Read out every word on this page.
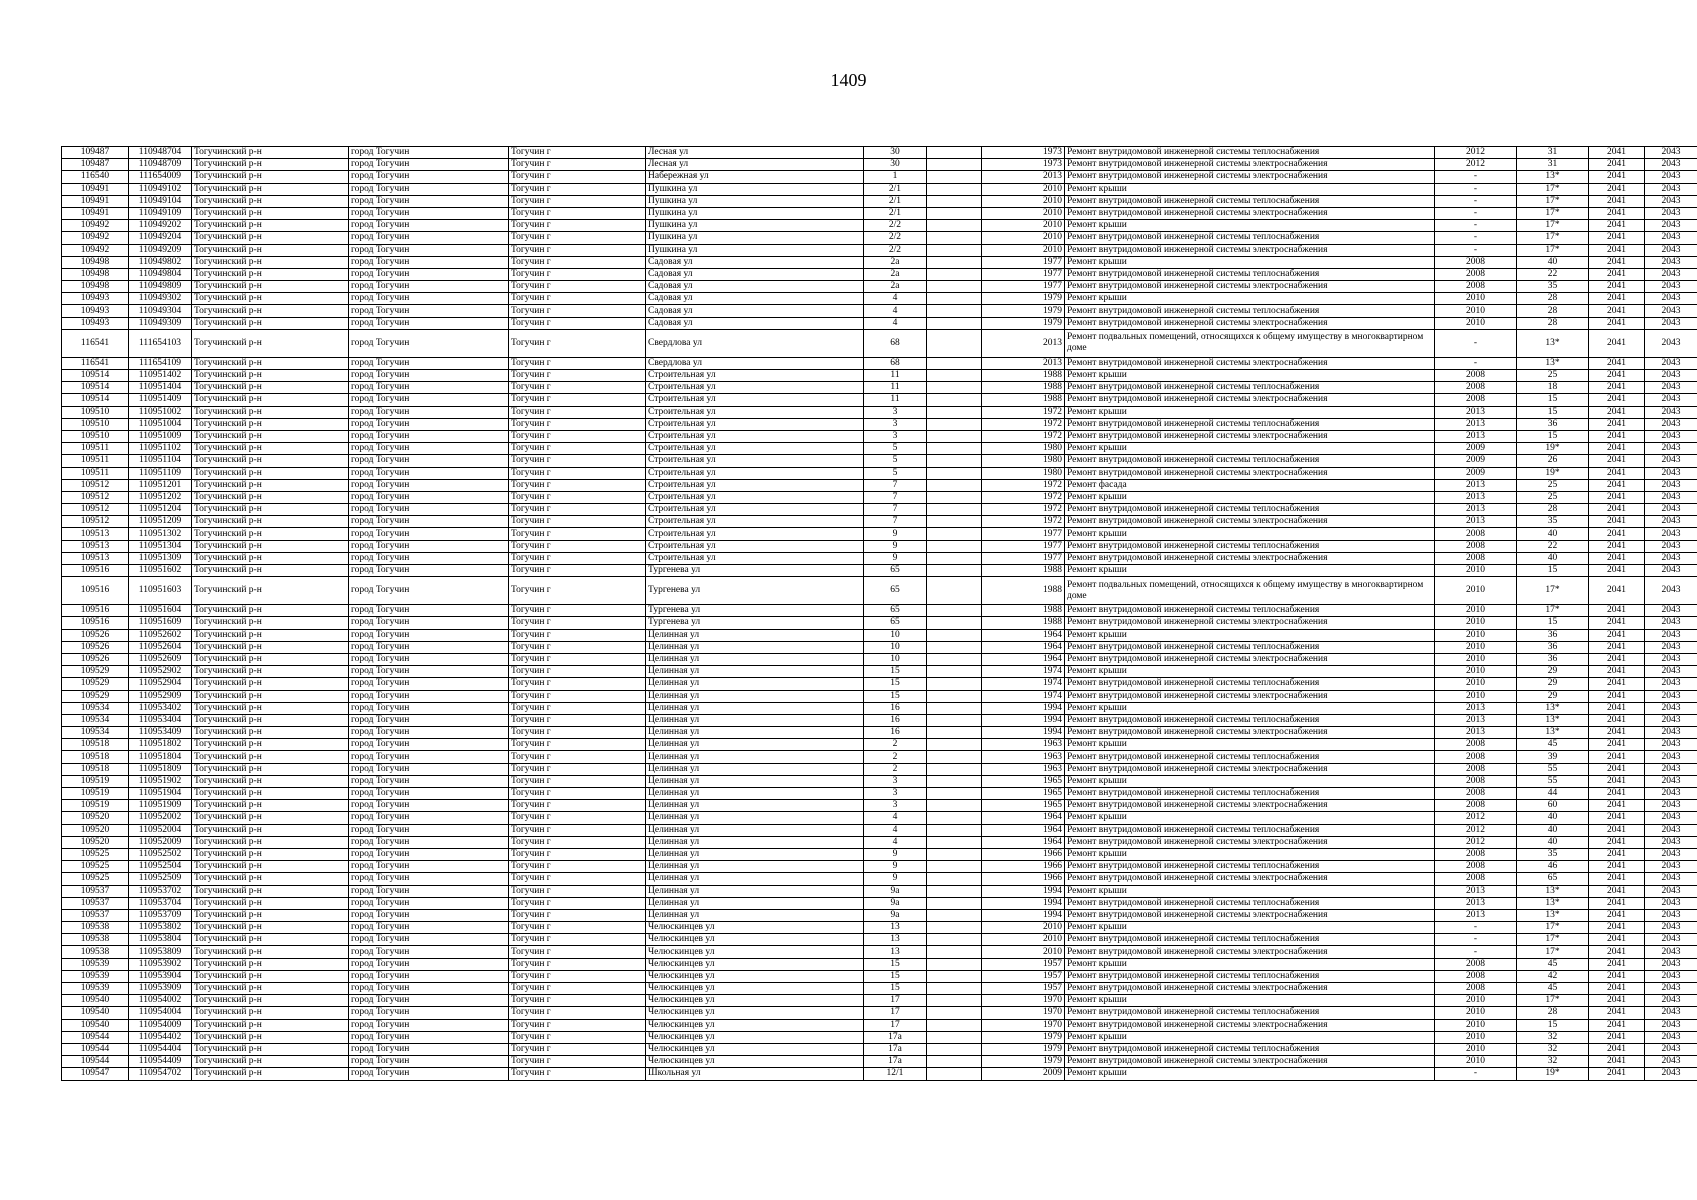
1409
109487	110948704	Тогучинский р-н	город Тогучин	Тогучин г	Лесная ул	30		1973	Ремонт внутридомовой инженерной системы теплоснабжения	2012	31	2041	2043
109487	110948709	Тогучинский р-н	город Тогучин	Тогучин г	Лесная ул	30		1973	Ремонт внутридомовой инженерной системы электроснабжения	2012	31	2041	2043
116540	111654009	Тогучинский р-н	город Тогучин	Тогучин г	Набережная ул	1		2013	Ремонт внутридомовой инженерной системы электроснабжения	-	13*	2041	2043
109491	110949102	Тогучинский р-н	город Тогучин	Тогучин г	Пушкина ул	2/1		2010	Ремонт крыши	-	17*	2041	2043
109491	110949104	Тогучинский р-н	город Тогучин	Тогучин г	Пушкина ул	2/1		2010	Ремонт внутридомовой инженерной системы теплоснабжения	-	17*	2041	2043
109491	110949109	Тогучинский р-н	город Тогучин	Тогучин г	Пушкина ул	2/1		2010	Ремонт внутридомовой инженерной системы электроснабжения	-	17*	2041	2043
109492	110949202	Тогучинский р-н	город Тогучин	Тогучин г	Пушкина ул	2/2		2010	Ремонт крыши	-	17*	2041	2043
109492	110949204	Тогучинский р-н	город Тогучин	Тогучин г	Пушкина ул	2/2		2010	Ремонт внутридомовой инженерной системы теплоснабжения	-	17*	2041	2043
109492	110949209	Тогучинский р-н	город Тогучин	Тогучин г	Пушкина ул	2/2		2010	Ремонт внутридомовой инженерной системы электроснабжения	-	17*	2041	2043
109498	110949802	Тогучинский р-н	город Тогучин	Тогучин г	Садовая ул	2а		1977	Ремонт крыши	2008	40	2041	2043
109498	110949804	Тогучинский р-н	город Тогучин	Тогучин г	Садовая ул	2а		1977	Ремонт внутридомовой инженерной системы теплоснабжения	2008	22	2041	2043
109498	110949809	Тогучинский р-н	город Тогучин	Тогучин г	Садовая ул	2а		1977	Ремонт внутридомовой инженерной системы электроснабжения	2008	35	2041	2043
109493	110949302	Тогучинский р-н	город Тогучин	Тогучин г	Садовая ул	4		1979	Ремонт крыши	2010	28	2041	2043
109493	110949304	Тогучинский р-н	город Тогучин	Тогучин г	Садовая ул	4		1979	Ремонт внутридомовой инженерной системы теплоснабжения	2010	28	2041	2043
109493	110949309	Тогучинский р-н	город Тогучин	Тогучин г	Садовая ул	4		1979	Ремонт внутридомовой инженерной системы электроснабжения	2010	28	2041	2043
116541	111654103	Тогучинский р-н	город Тогучин	Тогучин г	Свердлова ул	68		2013	Ремонт подвальных помещений, относящихся к общему имуществу в многоквартирном доме	-	13*	2041	2043
116541	111654109	Тогучинский р-н	город Тогучин	Тогучин г	Свердлова ул	68		2013	Ремонт внутридомовой инженерной системы электроснабжения	-	13*	2041	2043
109514	110951402	Тогучинский р-н	город Тогучин	Тогучин г	Строительная ул	11		1988	Ремонт крыши	2008	25	2041	2043
109514	110951404	Тогучинский р-н	город Тогучин	Тогучин г	Строительная ул	11		1988	Ремонт внутридомовой инженерной системы теплоснабжения	2008	18	2041	2043
109514	110951409	Тогучинский р-н	город Тогучин	Тогучин г	Строительная ул	11		1988	Ремонт внутридомовой инженерной системы электроснабжения	2008	15	2041	2043
109510	110951002	Тогучинский р-н	город Тогучин	Тогучин г	Строительная ул	3		1972	Ремонт крыши	2013	15	2041	2043
109510	110951004	Тогучинский р-н	город Тогучин	Тогучин г	Строительная ул	3		1972	Ремонт внутридомовой инженерной системы теплоснабжения	2013	36	2041	2043
109510	110951009	Тогучинский р-н	город Тогучин	Тогучин г	Строительная ул	3		1972	Ремонт внутридомовой инженерной системы электроснабжения	2013	15	2041	2043
109511	110951102	Тогучинский р-н	город Тогучин	Тогучин г	Строительная ул	5		1980	Ремонт крыши	2009	19*	2041	2043
109511	110951104	Тогучинский р-н	город Тогучин	Тогучин г	Строительная ул	5		1980	Ремонт внутридомовой инженерной системы теплоснабжения	2009	26	2041	2043
109511	110951109	Тогучинский р-н	город Тогучин	Тогучин г	Строительная ул	5		1980	Ремонт внутридомовой инженерной системы электроснабжения	2009	19*	2041	2043
109512	110951201	Тогучинский р-н	город Тогучин	Тогучин г	Строительная ул	7		1972	Ремонт фасада	2013	25	2041	2043
109512	110951202	Тогучинский р-н	город Тогучин	Тогучин г	Строительная ул	7		1972	Ремонт крыши	2013	25	2041	2043
109512	110951204	Тогучинский р-н	город Тогучин	Тогучин г	Строительная ул	7		1972	Ремонт внутридомовой инженерной системы теплоснабжения	2013	28	2041	2043
109512	110951209	Тогучинский р-н	город Тогучин	Тогучин г	Строительная ул	7		1972	Ремонт внутридомовой инженерной системы электроснабжения	2013	35	2041	2043
109513	110951302	Тогучинский р-н	город Тогучин	Тогучин г	Строительная ул	9		1977	Ремонт крыши	2008	40	2041	2043
109513	110951304	Тогучинский р-н	город Тогучин	Тогучин г	Строительная ул	9		1977	Ремонт внутридомовой инженерной системы теплоснабжения	2008	22	2041	2043
109513	110951309	Тогучинский р-н	город Тогучин	Тогучин г	Строительная ул	9		1977	Ремонт внутридомовой инженерной системы электроснабжения	2008	40	2041	2043
109516	110951602	Тогучинский р-н	город Тогучин	Тогучин г	Тургенева ул	65		1988	Ремонт крыши	2010	15	2041	2043
109516	110951603	Тогучинский р-н	город Тогучин	Тогучин г	Тургенева ул	65		1988	Ремонт подвальных помещений, относящихся к общему имуществу в многоквартирном доме	2010	17*	2041	2043
109516	110951604	Тогучинский р-н	город Тогучин	Тогучин г	Тургенева ул	65		1988	Ремонт внутридомовой инженерной системы теплоснабжения	2010	17*	2041	2043
109516	110951609	Тогучинский р-н	город Тогучин	Тогучин г	Тургенева ул	65		1988	Ремонт внутридомовой инженерной системы электроснабжения	2010	15	2041	2043
109526	110952602	Тогучинский р-н	город Тогучин	Тогучин г	Целинная ул	10		1964	Ремонт крыши	2010	36	2041	2043
109526	110952604	Тогучинский р-н	город Тогучин	Тогучин г	Целинная ул	10		1964	Ремонт внутридомовой инженерной системы теплоснабжения	2010	36	2041	2043
109526	110952609	Тогучинский р-н	город Тогучин	Тогучин г	Целинная ул	10		1964	Ремонт внутридомовой инженерной системы электроснабжения	2010	36	2041	2043
109529	110952902	Тогучинский р-н	город Тогучин	Тогучин г	Целинная ул	15		1974	Ремонт крыши	2010	29	2041	2043
109529	110952904	Тогучинский р-н	город Тогучин	Тогучин г	Целинная ул	15		1974	Ремонт внутридомовой инженерной системы теплоснабжения	2010	29	2041	2043
109529	110952909	Тогучинский р-н	город Тогучин	Тогучин г	Целинная ул	15		1974	Ремонт внутридомовой инженерной системы электроснабжения	2010	29	2041	2043
109534	110953402	Тогучинский р-н	город Тогучин	Тогучин г	Целинная ул	16		1994	Ремонт крыши	2013	13*	2041	2043
109534	110953404	Тогучинский р-н	город Тогучин	Тогучин г	Целинная ул	16		1994	Ремонт внутридомовой инженерной системы теплоснабжения	2013	13*	2041	2043
109534	110953409	Тогучинский р-н	город Тогучин	Тогучин г	Целинная ул	16		1994	Ремонт внутридомовой инженерной системы электроснабжения	2013	13*	2041	2043
109518	110951802	Тогучинский р-н	город Тогучин	Тогучин г	Целинная ул	2		1963	Ремонт крыши	2008	45	2041	2043
109518	110951804	Тогучинский р-н	город Тогучин	Тогучин г	Целинная ул	2		1963	Ремонт внутридомовой инженерной системы теплоснабжения	2008	39	2041	2043
109518	110951809	Тогучинский р-н	город Тогучин	Тогучин г	Целинная ул	2		1963	Ремонт внутридомовой инженерной системы электроснабжения	2008	55	2041	2043
109519	110951902	Тогучинский р-н	город Тогучин	Тогучин г	Целинная ул	3		1965	Ремонт крыши	2008	55	2041	2043
109519	110951904	Тогучинский р-н	город Тогучин	Тогучин г	Целинная ул	3		1965	Ремонт внутридомовой инженерной системы теплоснабжения	2008	44	2041	2043
109519	110951909	Тогучинский р-н	город Тогучин	Тогучин г	Целинная ул	3		1965	Ремонт внутридомовой инженерной системы электроснабжения	2008	60	2041	2043
109520	110952002	Тогучинский р-н	город Тогучин	Тогучин г	Целинная ул	4		1964	Ремонт крыши	2012	40	2041	2043
109520	110952004	Тогучинский р-н	город Тогучин	Тогучин г	Целинная ул	4		1964	Ремонт внутридомовой инженерной системы теплоснабжения	2012	40	2041	2043
109520	110952009	Тогучинский р-н	город Тогучин	Тогучин г	Целинная ул	4		1964	Ремонт внутридомовой инженерной системы электроснабжения	2012	40	2041	2043
109525	110952502	Тогучинский р-н	город Тогучин	Тогучин г	Целинная ул	9		1966	Ремонт крыши	2008	35	2041	2043
109525	110952504	Тогучинский р-н	город Тогучин	Тогучин г	Целинная ул	9		1966	Ремонт внутридомовой инженерной системы теплоснабжения	2008	46	2041	2043
109525	110952509	Тогучинский р-н	город Тогучин	Тогучин г	Целинная ул	9		1966	Ремонт внутридомовой инженерной системы электроснабжения	2008	65	2041	2043
109537	110953702	Тогучинский р-н	город Тогучин	Тогучин г	Целинная ул	9а		1994	Ремонт крыши	2013	13*	2041	2043
109537	110953704	Тогучинский р-н	город Тогучин	Тогучин г	Целинная ул	9а		1994	Ремонт внутридомовой инженерной системы теплоснабжения	2013	13*	2041	2043
109537	110953709	Тогучинский р-н	город Тогучин	Тогучин г	Целинная ул	9а		1994	Ремонт внутридомовой инженерной системы электроснабжения	2013	13*	2041	2043
109538	110953802	Тогучинский р-н	город Тогучин	Тогучин г	Челюскинцев ул	13		2010	Ремонт крыши	-	17*	2041	2043
109538	110953804	Тогучинский р-н	город Тогучин	Тогучин г	Челюскинцев ул	13		2010	Ремонт внутридомовой инженерной системы теплоснабжения	-	17*	2041	2043
109538	110953809	Тогучинский р-н	город Тогучин	Тогучин г	Челюскинцев ул	13		2010	Ремонт внутридомовой инженерной системы электроснабжения	-	17*	2041	2043
109539	110953902	Тогучинский р-н	город Тогучин	Тогучин г	Челюскинцев ул	15		1957	Ремонт крыши	2008	45	2041	2043
109539	110953904	Тогучинский р-н	город Тогучин	Тогучин г	Челюскинцев ул	15		1957	Ремонт внутридомовой инженерной системы теплоснабжения	2008	42	2041	2043
109539	110953909	Тогучинский р-н	город Тогучин	Тогучин г	Челюскинцев ул	15		1957	Ремонт внутридомовой инженерной системы электроснабжения	2008	45	2041	2043
109540	110954002	Тогучинский р-н	город Тогучин	Тогучин г	Челюскинцев ул	17		1970	Ремонт крыши	2010	17*	2041	2043
109540	110954004	Тогучинский р-н	город Тогучин	Тогучин г	Челюскинцев ул	17		1970	Ремонт внутридомовой инженерной системы теплоснабжения	2010	28	2041	2043
109540	110954009	Тогучинский р-н	город Тогучин	Тогучин г	Челюскинцев ул	17		1970	Ремонт внутридомовой инженерной системы электроснабжения	2010	15	2041	2043
109544	110954402	Тогучинский р-н	город Тогучин	Тогучин г	Челюскинцев ул	17а		1979	Ремонт крыши	2010	32	2041	2043
109544	110954404	Тогучинский р-н	город Тогучин	Тогучин г	Челюскинцев ул	17а		1979	Ремонт внутридомовой инженерной системы теплоснабжения	2010	32	2041	2043
109544	110954409	Тогучинский р-н	город Тогучин	Тогучин г	Челюскинцев ул	17а		1979	Ремонт внутридомовой инженерной системы электроснабжения	2010	32	2041	2043
109547	110954702	Тогучинский р-н	город Тогучин	Тогучин г	Школьная ул	12/1		2009	Ремонт крыши	-	19*	2041	2043
